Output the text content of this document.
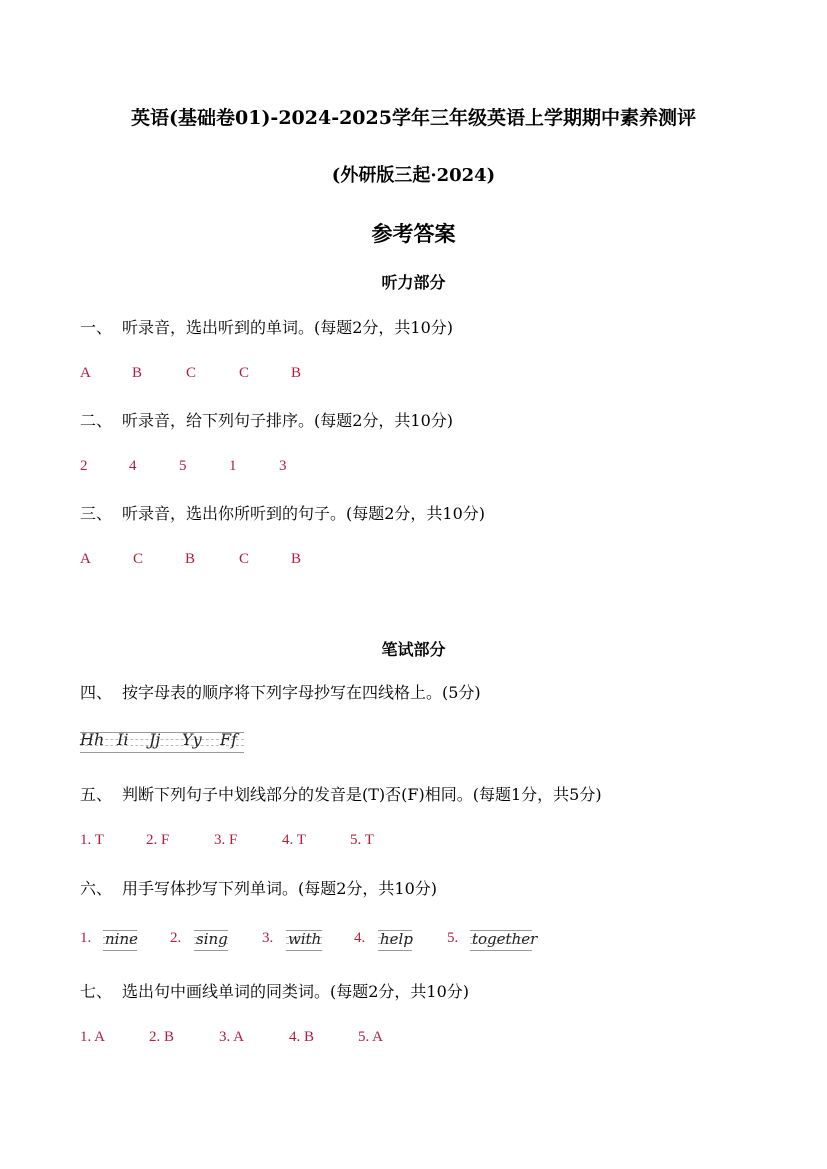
英语(基础卷01)-2024-2025学年三年级英语上学期期中素养测评
(外研版三起·2024)
参考答案
听力部分
一、 听录音，选出听到的单词。(每题2分，共10分)
A	B	C	C	B
二、 听录音，给下列句子排序。(每题2分，共10分)
2	4	5	1	3
三、 听录音，选出你所听到的句子。(每题2分，共10分)
A	C	B	C	B
笔试部分
四、 按字母表的顺序将下列字母抄写在四线格上。(5分)
Hh Ii Jj Yy Ff
五、 判断下列句子中划线部分的发音是(T)否(F)相同。(每题1分，共5分)
1. T	2. F	3. F	4. T	5. T
六、 用手写体抄写下列单词。(每题2分，共10分)
1. nine 2. sing 3. with 4. help 5. together
七、 选出句中画线单词的同类词。(每题2分，共10分)
1. A	2. B	3. A	4. B	5. A
